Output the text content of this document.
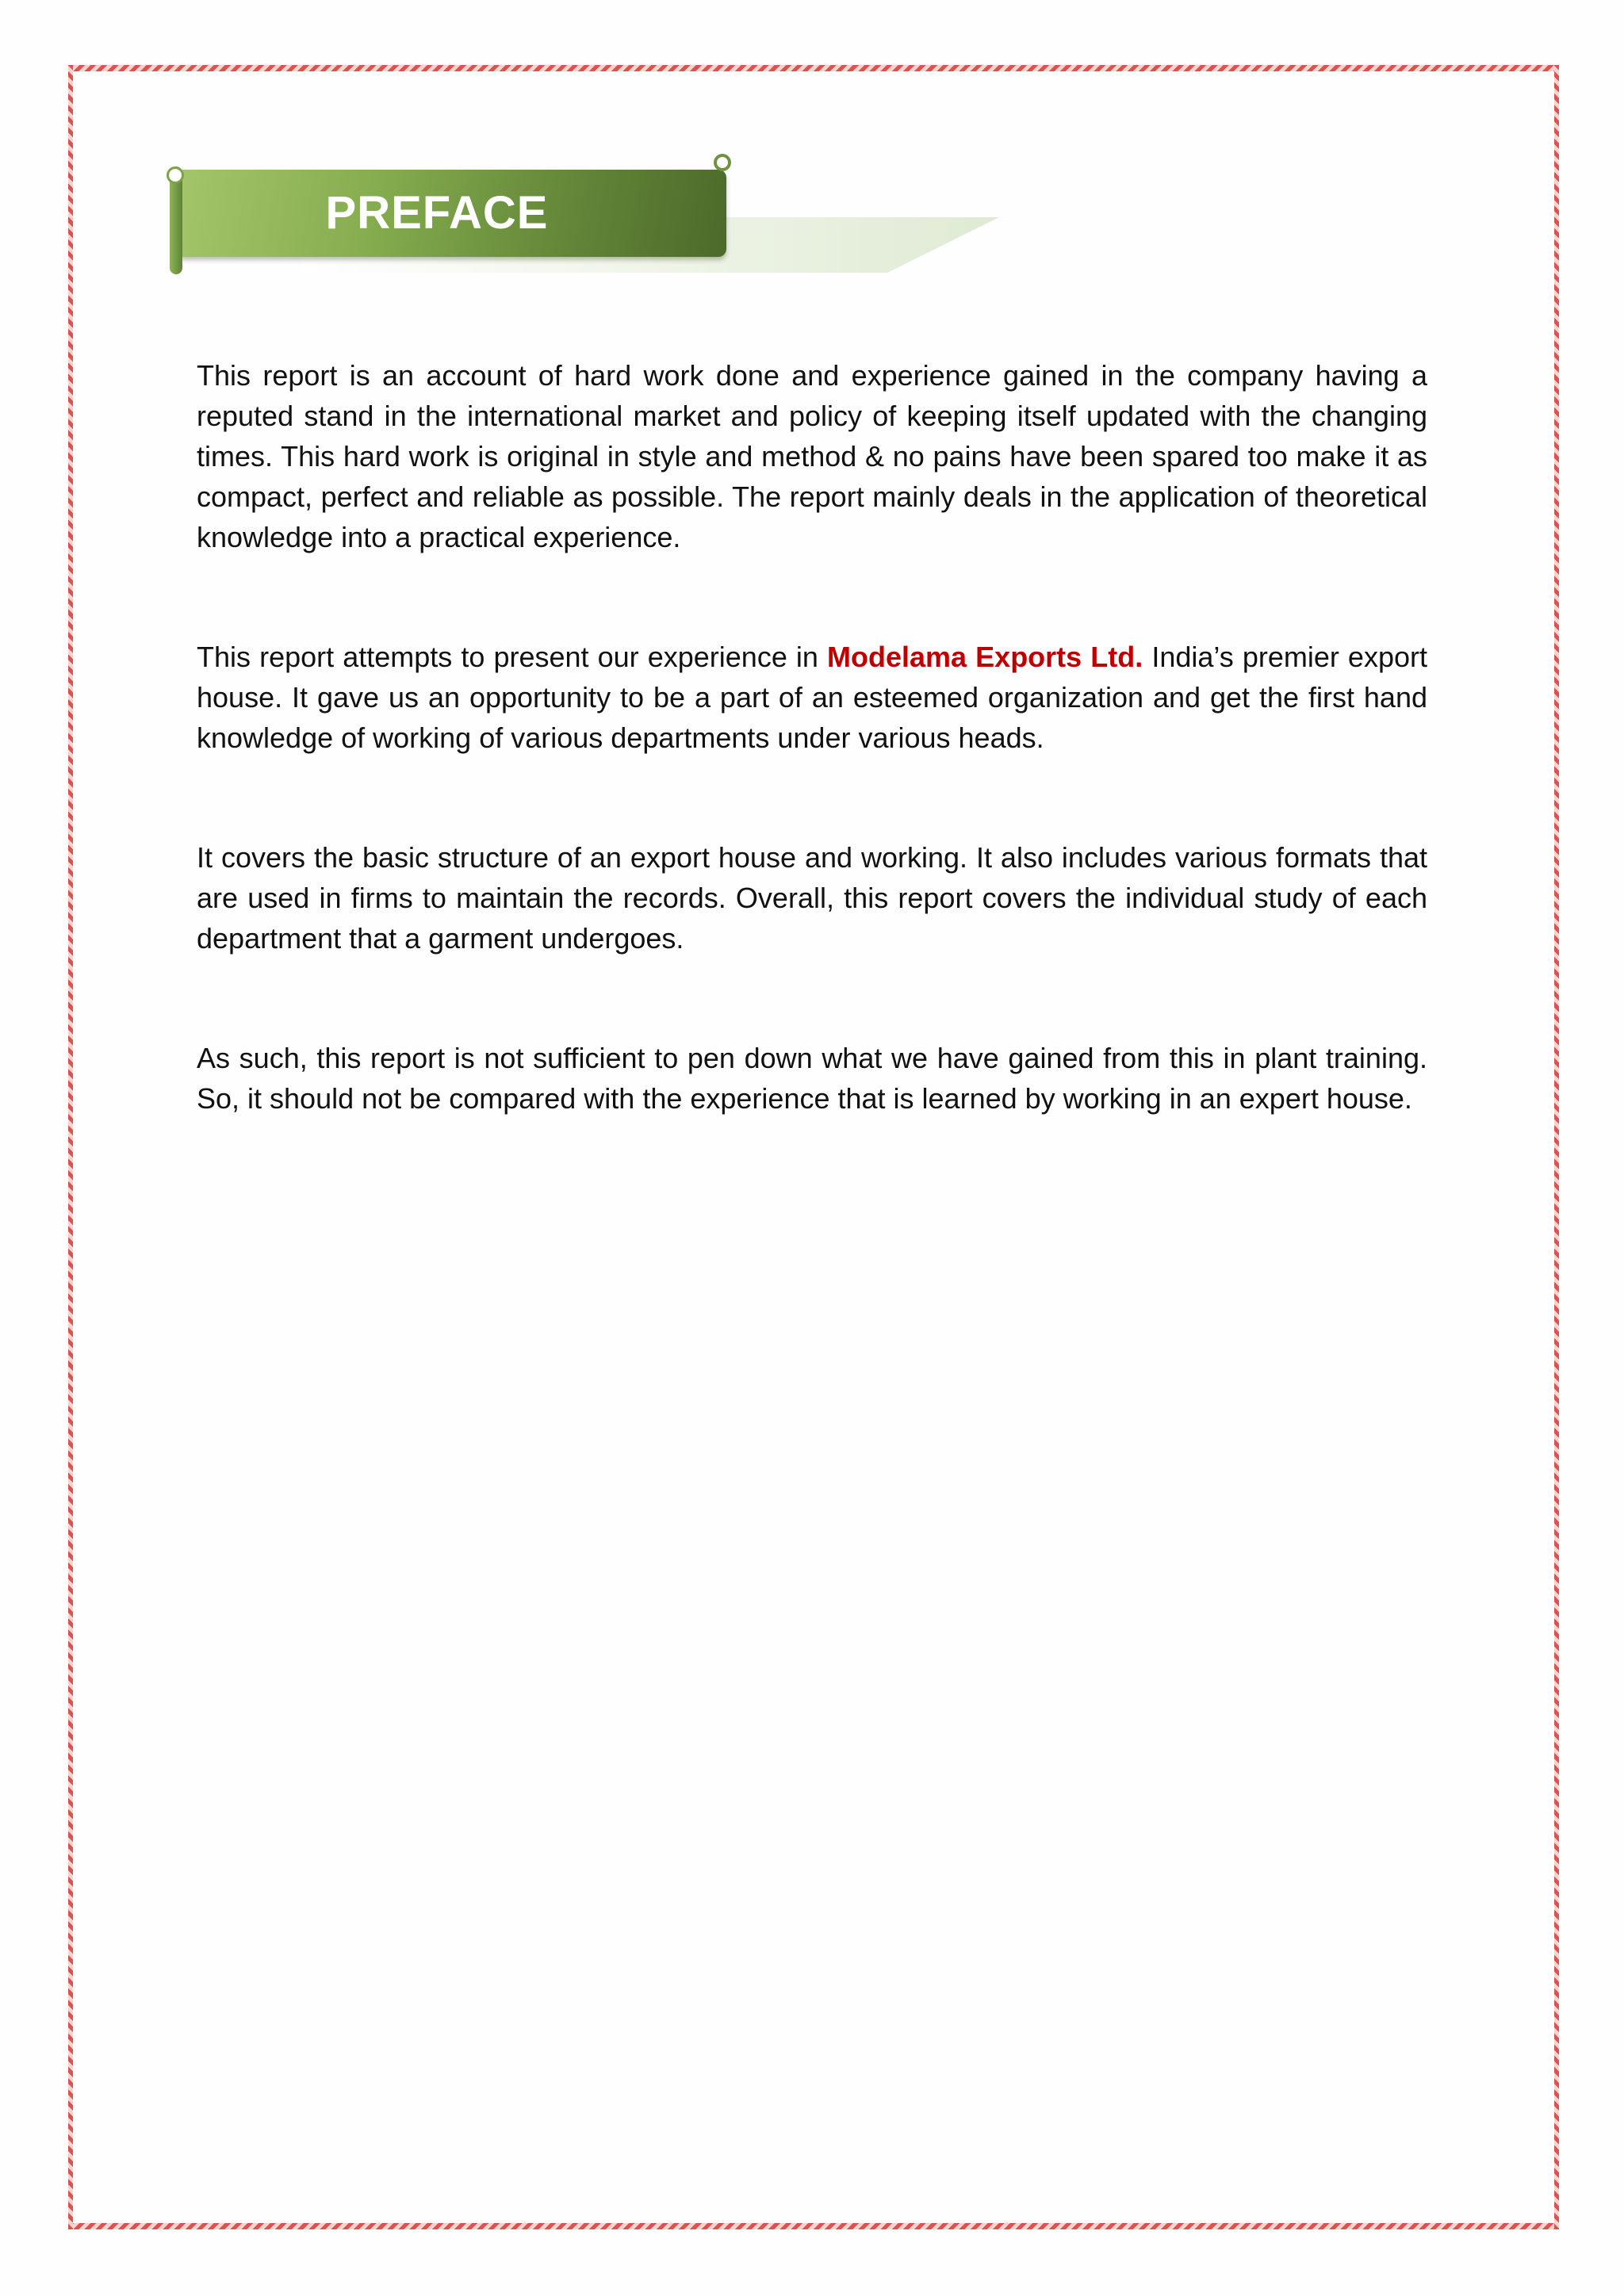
PREFACE

This report is an account of hard work done and experience gained in the company having a reputed stand in the international market and policy of keeping itself updated with the changing times. This hard work is original in style and method & no pains have been spared too make it as compact, perfect and reliable as possible. The report mainly deals in the application of theoretical knowledge into a practical experience.

This report attempts to present our experience in Modelama Exports Ltd. India’s premier export house. It gave us an opportunity to be a part of an esteemed organization and get the first hand knowledge of working of various departments under various heads.

It covers the basic structure of an export house and working. It also includes various formats that are used in firms to maintain the records. Overall, this report covers the individual study of each department that a garment undergoes.

As such, this report is not sufficient to pen down what we have gained from this in plant training. So, it should not be compared with the experience that is learned by working in an expert house.
